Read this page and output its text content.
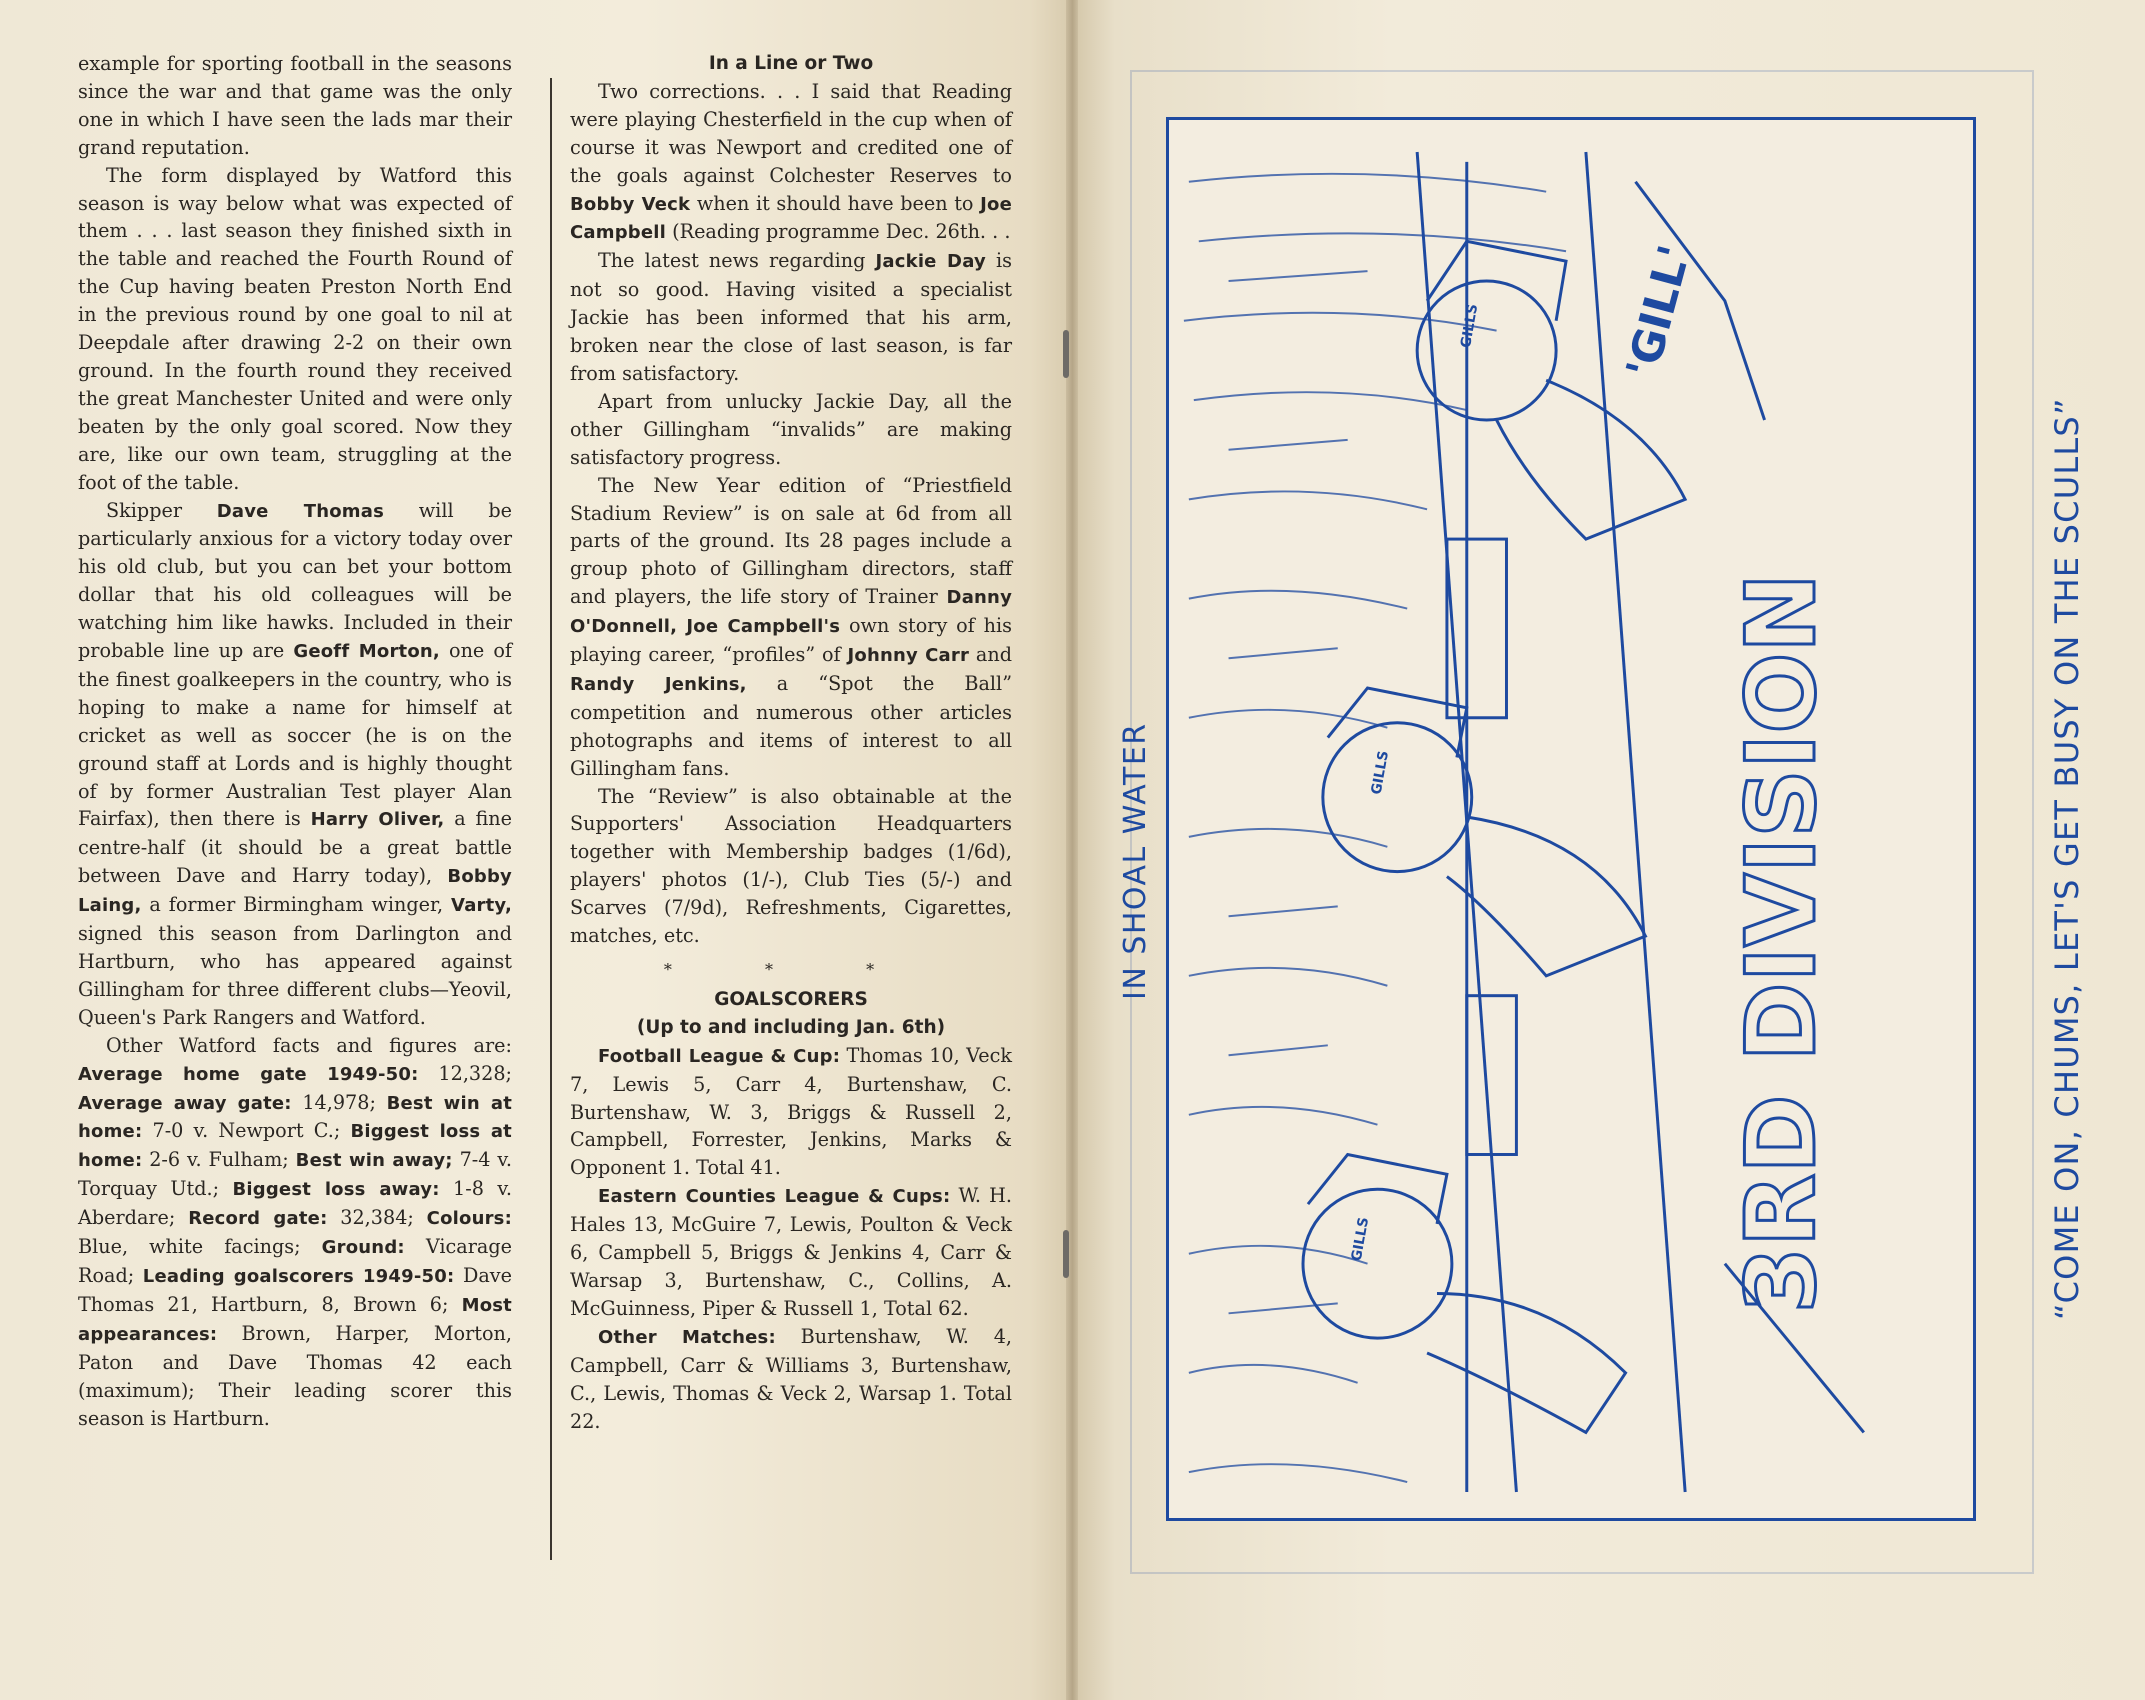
example for sporting football in the seasons since the war and that game was the only one in which I have seen the lads mar their grand reputation.

The form displayed by Watford this season is way below what was expected of them . . . last season they finished sixth in the table and reached the Fourth Round of the Cup having beaten Preston North End in the previous round by one goal to nil at Deepdale after drawing 2-2 on their own ground. In the fourth round they received the great Manchester United and were only beaten by the only goal scored. Now they are, like our own team, struggling at the foot of the table.

Skipper Dave Thomas will be particularly anxious for a victory today over his old club, but you can bet your bottom dollar that his old colleagues will be watching him like hawks. Included in their probable line up are Geoff Morton, one of the finest goalkeepers in the country, who is hoping to make a name for himself at cricket as well as soccer (he is on the ground staff at Lords and is highly thought of by former Australian Test player Alan Fairfax), then there is Harry Oliver, a fine centre-half (it should be a great battle between Dave and Harry today), Bobby Laing, a former Birmingham winger, Varty, signed this season from Darlington and Hartburn, who has appeared against Gillingham for three different clubs—Yeovil, Queen's Park Rangers and Watford.

Other Watford facts and figures are: Average home gate 1949-50: 12,328; Average away gate: 14,978; Best win at home: 7-0 v. Newport C.; Biggest loss at home: 2-6 v. Fulham; Best win away; 7-4 v. Torquay Utd.; Biggest loss away: 1-8 v. Aberdare; Record gate: 32,384; Colours: Blue, white facings; Ground: Vicarage Road; Leading goalscorers 1949-50: Dave Thomas 21, Hartburn, 8, Brown 6; Most appearances: Brown, Harper, Morton, Paton and Dave Thomas 42 each (maximum); Their leading scorer this season is Hartburn.

In a Line or Two

Two corrections. . . I said that Reading were playing Chesterfield in the cup when of course it was Newport and credited one of the goals against Colchester Reserves to Bobby Veck when it should have been to Joe Campbell (Reading programme Dec. 26th. . .

The latest news regarding Jackie Day is not so good. Having visited a specialist Jackie has been informed that his arm, broken near the close of last season, is far from satisfactory.

Apart from unlucky Jackie Day, all the other Gillingham “invalids” are making satisfactory progress.

The New Year edition of “Priestfield Stadium Review” is on sale at 6d from all parts of the ground. Its 28 pages include a group photo of Gillingham directors, staff and players, the life story of Trainer Danny O'Donnell, Joe Campbell's own story of his playing career, “profiles” of Johnny Carr and Randy Jenkins, a “Spot the Ball” competition and numerous other articles photographs and items of interest to all Gillingham fans.

The “Review” is also obtainable at the Supporters' Association Headquarters together with Membership badges (1/6d), players' photos (1/-), Club Ties (5/-) and Scarves (7/9d), Refreshments, Cigarettes, matches, etc.

* * *
GOALSCORERS
(Up to and including Jan. 6th)

Football League & Cup: Thomas 10, Veck 7, Lewis 5, Carr 4, Burtenshaw, C. Burtenshaw, W. 3, Briggs & Russell 2, Campbell, Forrester, Jenkins, Marks & Opponent 1. Total 41.

Eastern Counties League & Cups: W. H. Hales 13, McGuire 7, Lewis, Poulton & Veck 6, Campbell 5, Briggs & Jenkins 4, Carr & Warsap 3, Burtenshaw, C., Collins, A. McGuinness, Piper & Russell 1, Total 62.

Other Matches: Burtenshaw, W. 4, Campbell, Carr & Williams 3, Burtenshaw, C., Lewis, Thomas & Veck 2, Warsap 1. Total 22.

IN SHOAL WATER	“COME ON, CHUMS, LET'S GET BUSY ON THE SCULLS”
3RD DIVISION
'GILL'
GILLS
GILLS
GILLS
